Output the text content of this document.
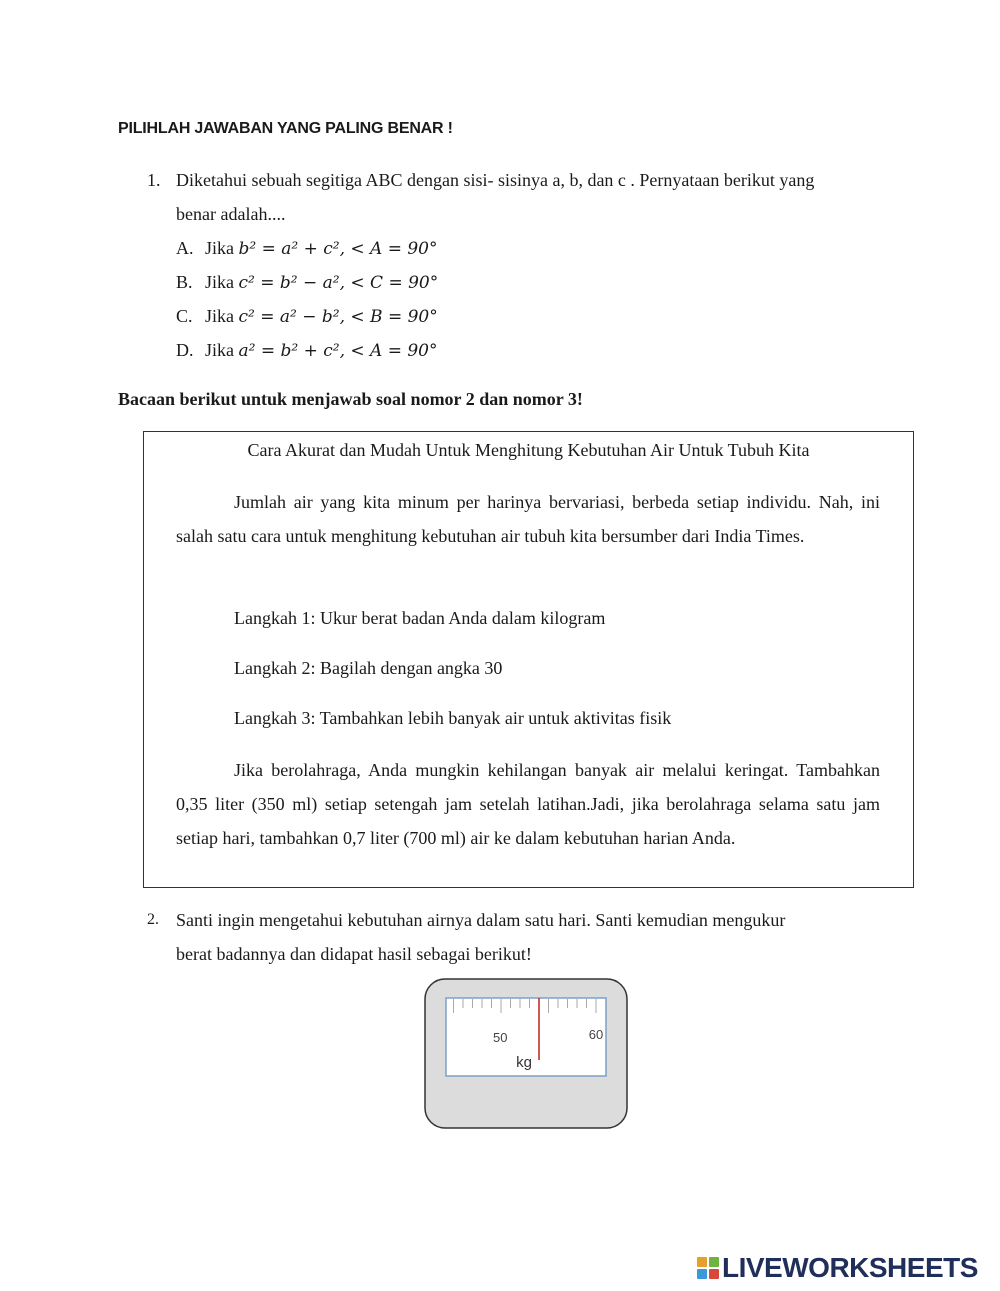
PILIHLAH JAWABAN YANG PALING BENAR !
1. Diketahui sebuah segitiga ABC dengan sisi- sisinya a, b, dan c . Pernyataan berikut yang
benar adalah....
A. Jika b² = a² + c², < A = 90°
B. Jika c² = b² − a², < C = 90°
C. Jika c² = a² − b², < B = 90°
D. Jika a² = b² + c², < A = 90°
Bacaan berikut untuk menjawab soal nomor 2 dan nomor 3!
Cara Akurat dan Mudah Untuk Menghitung Kebutuhan Air Untuk Tubuh Kita
Jumlah air yang kita minum per harinya bervariasi, berbeda setiap individu. Nah, ini salah satu cara untuk menghitung kebutuhan air tubuh kita bersumber dari India Times.
Langkah 1: Ukur berat badan Anda dalam kilogram
Langkah 2: Bagilah dengan angka 30
Langkah 3: Tambahkan lebih banyak air untuk aktivitas fisik
Jika berolahraga, Anda mungkin kehilangan banyak air melalui keringat. Tambahkan 0,35 liter (350 ml) setiap setengah jam setelah latihan.Jadi, jika berolahraga selama satu jam setiap hari, tambahkan 0,7 liter (700 ml) air ke dalam kebutuhan harian Anda.
2. Santi ingin mengetahui kebutuhan airnya dalam satu hari. Santi kemudian mengukur
berat badannya dan didapat hasil sebagai berikut!
50	60
kg
LIVEWORKSHEETS
